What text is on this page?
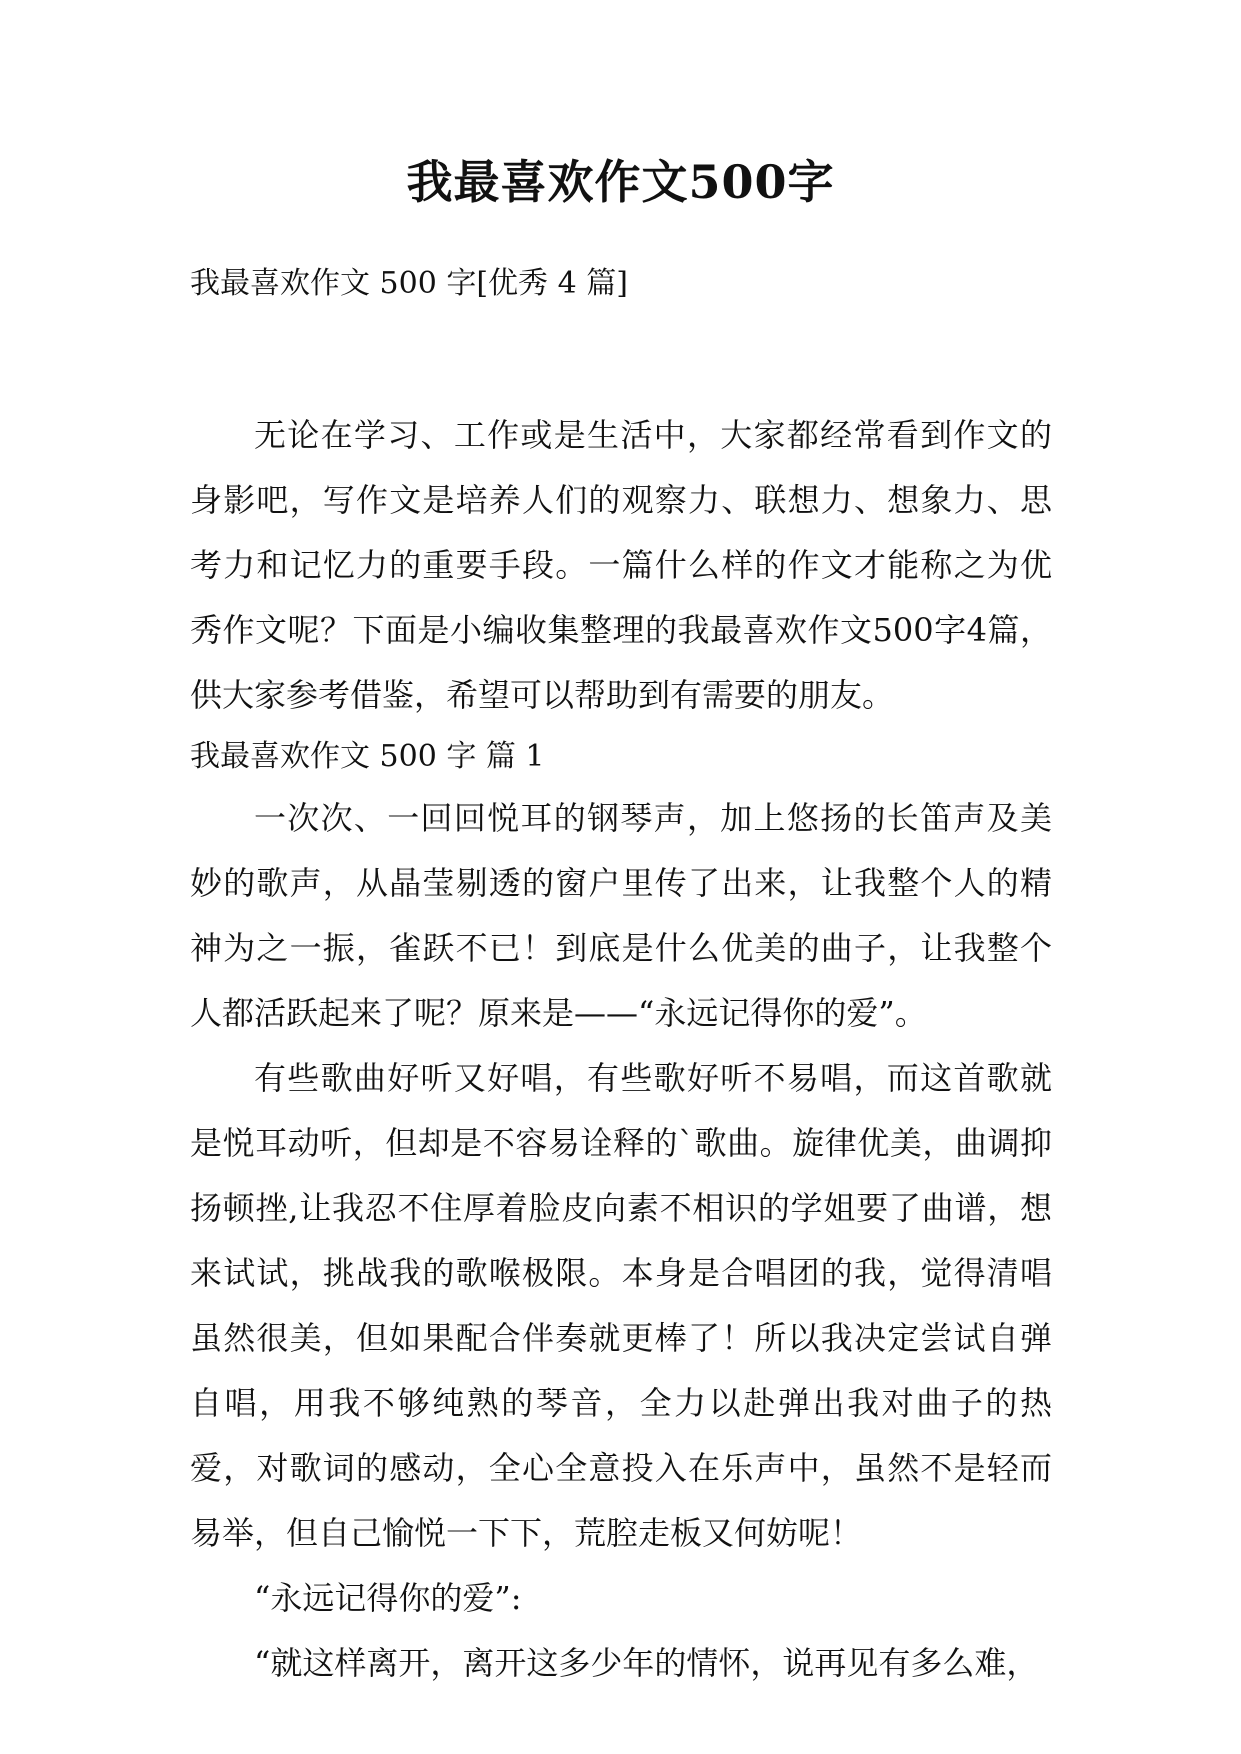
我最喜欢作文500字

我最喜欢作文 500 字[优秀 4 篇]

无论在学习、工作或是生活中，大家都经常看到作文的身影吧，写作文是培养人们的观察力、联想力、想象力、思考力和记忆力的重要手段。一篇什么样的作文才能称之为优秀作文呢？下面是小编收集整理的我最喜欢作文500字4篇，供大家参考借鉴，希望可以帮助到有需要的朋友。

我最喜欢作文 500 字 篇 1

一次次、一回回悦耳的钢琴声，加上悠扬的长笛声及美妙的歌声，从晶莹剔透的窗户里传了出来，让我整个人的精神为之一振，雀跃不已！到底是什么优美的曲子，让我整个人都活跃起来了呢？原来是——“永远记得你的爱”。

有些歌曲好听又好唱，有些歌好听不易唱，而这首歌就是悦耳动听，但却是不容易诠释的`歌曲。旋律优美，曲调抑扬顿挫,让我忍不住厚着脸皮向素不相识的学姐要了曲谱，想来试试，挑战我的歌喉极限。本身是合唱团的我，觉得清唱虽然很美，但如果配合伴奏就更棒了！所以我决定尝试自弹自唱，用我不够纯熟的琴音，全力以赴弹出我对曲子的热爱，对歌词的感动，全心全意投入在乐声中，虽然不是轻而易举，但自己愉悦一下下，荒腔走板又何妨呢！

“永远记得你的爱”:

“就这样离开，离开这多少年的情怀，说再见有多么难，
